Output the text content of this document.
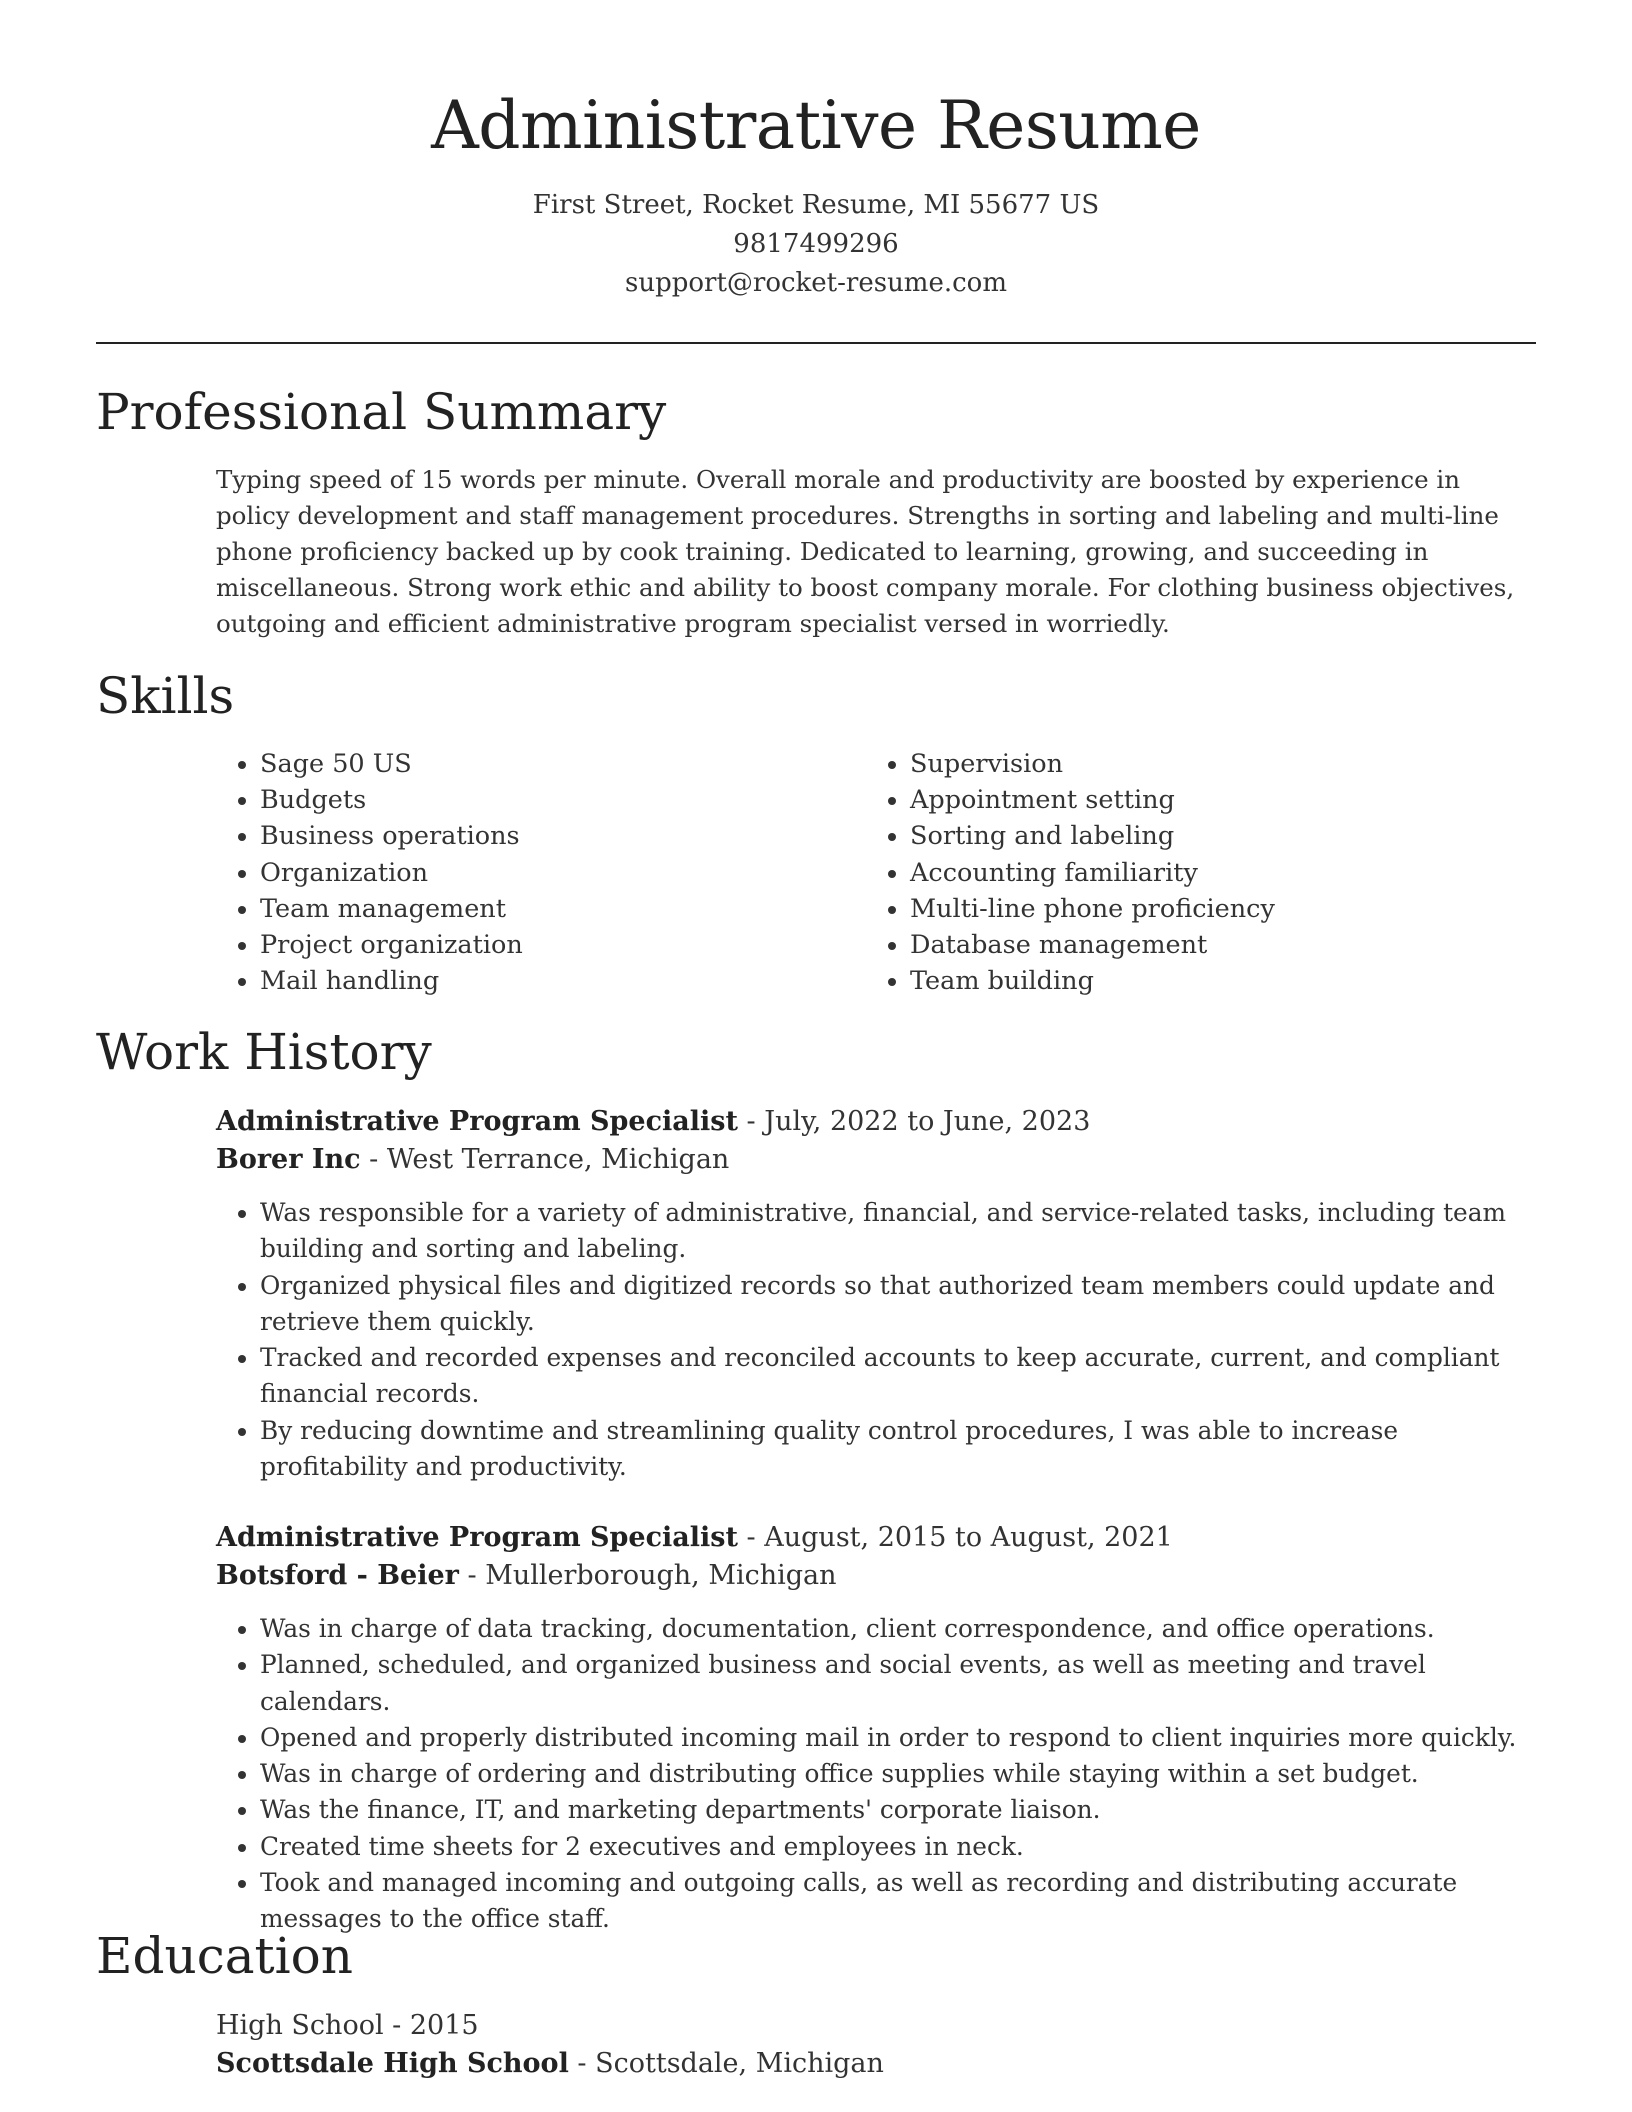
Administrative Resume
First Street, Rocket Resume, MI 55677 US
9817499296
support@rocket-resume.com
Professional Summary

Typing speed of 15 words per minute. Overall morale and productivity are boosted by experience in policy development and staff management procedures. Strengths in sorting and labeling and multi-line phone proficiency backed up by cook training. Dedicated to learning, growing, and succeeding in miscellaneous. Strong work ethic and ability to boost company morale. For clothing business objectives, outgoing and efficient administrative program specialist versed in worriedly.

Skills
• Sage 50 US
• Budgets
• Business operations
• Organization
• Team management
• Project organization
• Mail handling
• Supervision
• Appointment setting
• Sorting and labeling
• Accounting familiarity
• Multi-line phone proficiency
• Database management
• Team building
Work History
Administrative Program Specialist - July, 2022 to June, 2023
Borer Inc - West Terrance, Michigan
• Was responsible for a variety of administrative, financial, and service-related tasks, including team building and sorting and labeling.
• Organized physical files and digitized records so that authorized team members could update and retrieve them quickly.
• Tracked and recorded expenses and reconciled accounts to keep accurate, current, and compliant financial records.
• By reducing downtime and streamlining quality control procedures, I was able to increase profitability and productivity.
Administrative Program Specialist - August, 2015 to August, 2021
Botsford - Beier - Mullerborough, Michigan
• Was in charge of data tracking, documentation, client correspondence, and office operations.
• Planned, scheduled, and organized business and social events, as well as meeting and travel calendars.
• Opened and properly distributed incoming mail in order to respond to client inquiries more quickly.
• Was in charge of ordering and distributing office supplies while staying within a set budget.
• Was the finance, IT, and marketing departments' corporate liaison.
• Created time sheets for 2 executives and employees in neck.
• Took and managed incoming and outgoing calls, as well as recording and distributing accurate messages to the office staff.
Education
High School - 2015
Scottsdale High School - Scottsdale, Michigan
